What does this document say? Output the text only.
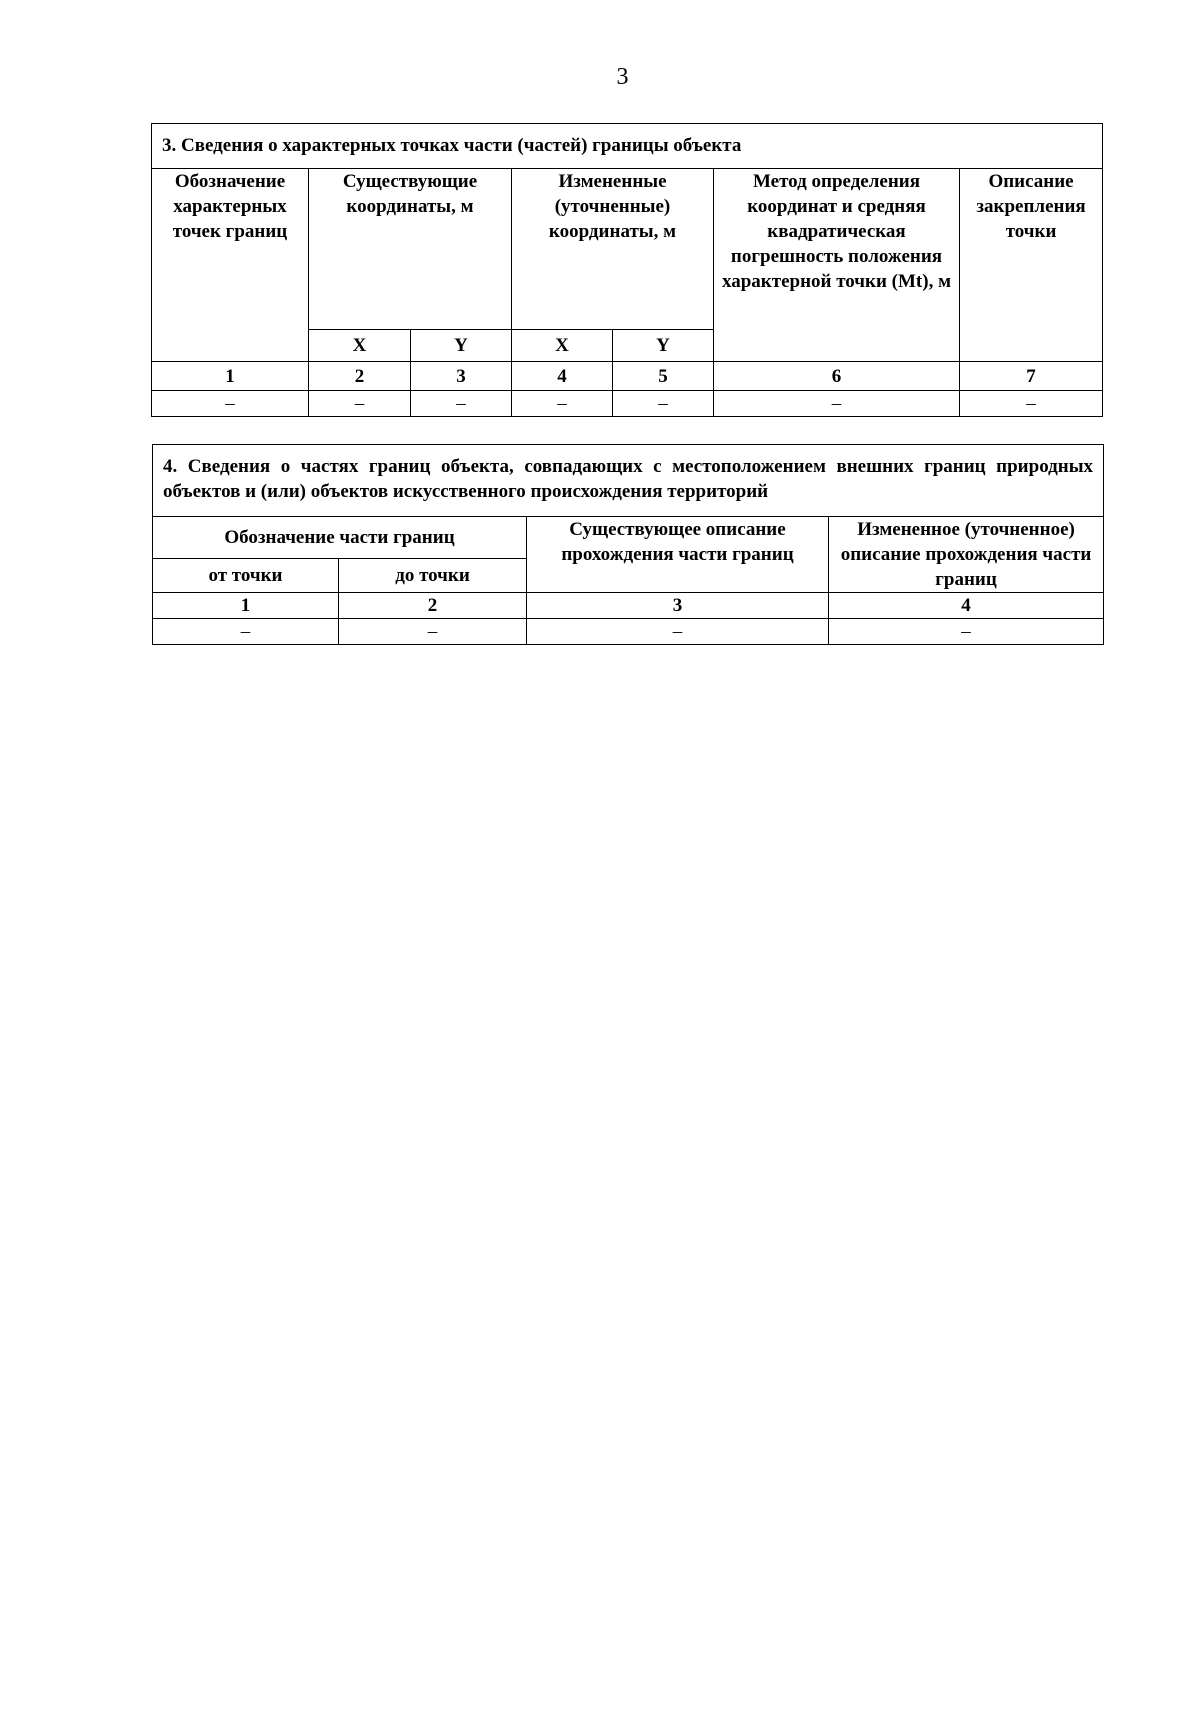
3
3. Сведения о характерных точках части (частей) границы объекта						
Обозначение характерных точек границ	Существующие координаты, м		Измененные (уточненные) координаты, м		Метод определения координат и средняя квадратическая погрешность положения характерной точки (Mt), м	Описание закрепления точки
	X	Y	X	Y		
1	2	3	4	5	6	7
–	–	–	–	–	–	–
4. Сведения о частях границ объекта, совпадающих с местоположением внешних границ природных объектов и (или) объектов искусственного происхождения территорий			
Обозначение части границ		Существующее описание прохождения части границ	Измененное (уточненное) описание прохождения части границ
от точки	до точки		
1	2	3	4
–	–	–	–
